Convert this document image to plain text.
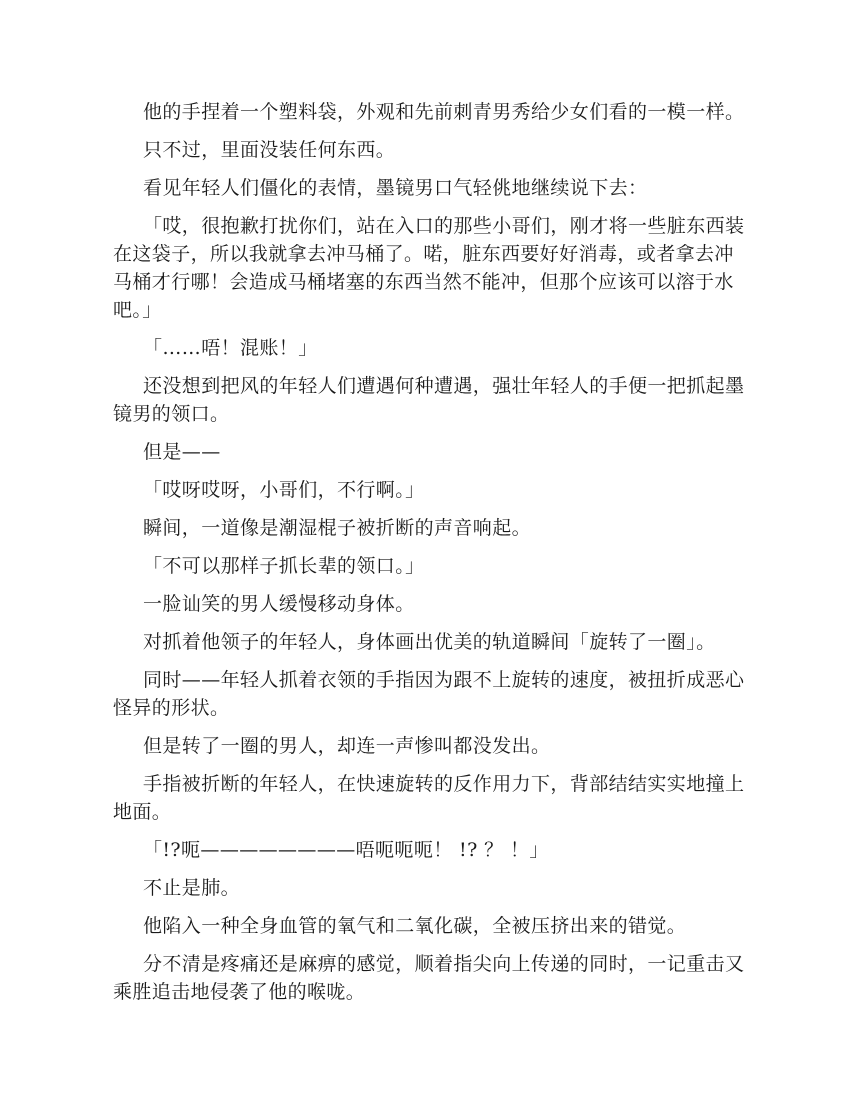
他的手捏着一个塑料袋，外观和先前刺青男秀给少女们看的一模一样。

只不过，里面没装任何东西。

看见年轻人们僵化的表情，墨镜男口气轻佻地继续说下去：

「哎，很抱歉打扰你们，站在入口的那些小哥们，刚才将一些脏东西装在这袋子，所以我就拿去冲马桶了。喏，脏东西要好好消毒，或者拿去冲马桶才行哪！会造成马桶堵塞的东西当然不能冲，但那个应该可以溶于水吧。」

「……唔！混账！」

还没想到把风的年轻人们遭遇何种遭遇，强壮年轻人的手便一把抓起墨镜男的领口。

但是——

「哎呀哎呀，小哥们，不行啊。」

瞬间，一道像是潮湿棍子被折断的声音响起。

「不可以那样子抓长辈的领口。」

一脸讪笑的男人缓慢移动身体。

对抓着他领子的年轻人，身体画出优美的轨道瞬间「旋转了一圈」。

同时——年轻人抓着衣领的手指因为跟不上旋转的速度，被扭折成恶心怪异的形状。

但是转了一圈的男人，却连一声惨叫都没发出。

手指被折断的年轻人，在快速旋转的反作用力下，背部结结实实地撞上地面。

「!?呃————————唔呃呃呃！ !? ？ ！」

不止是肺。

他陷入一种全身血管的氧气和二氧化碳，全被压挤出来的错觉。

分不清是疼痛还是麻痹的感觉，顺着指尖向上传递的同时，一记重击又乘胜追击地侵袭了他的喉咙。
